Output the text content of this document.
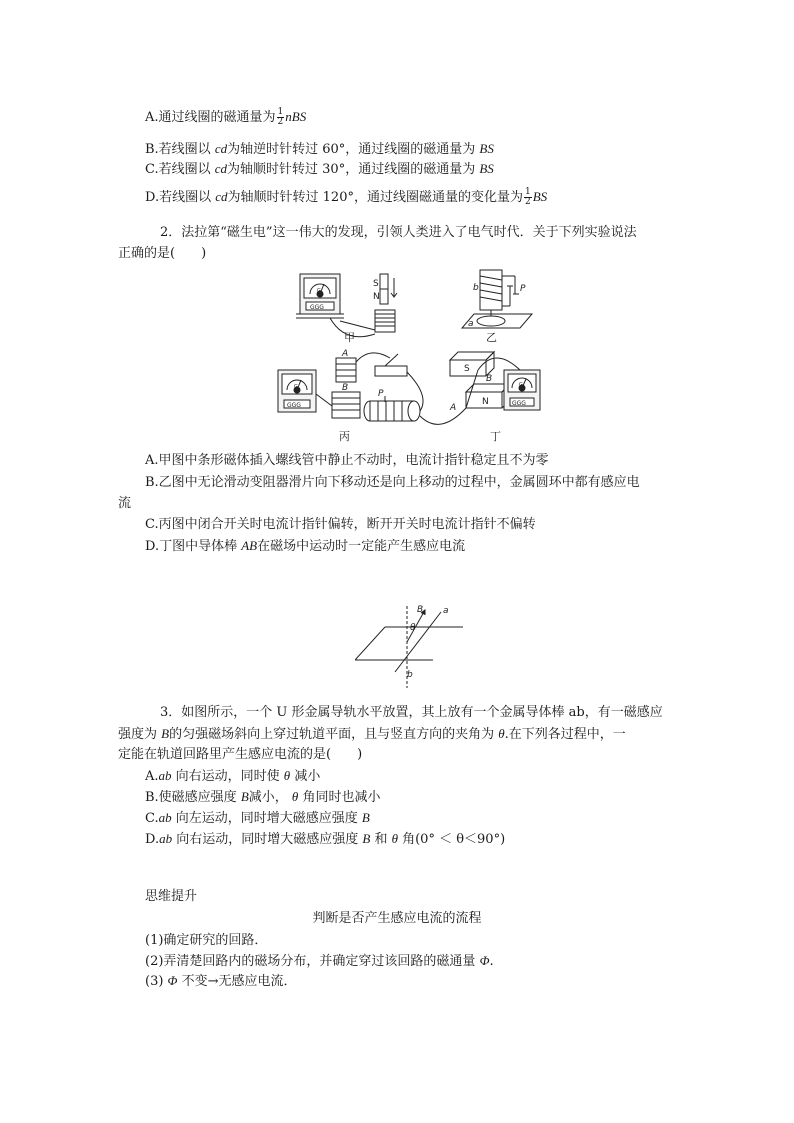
A.通过线圈的磁通量为 $\frac{1}{2}$ nBS
B.若线圈以 cd为轴逆时针转过 60°，通过线圈的磁通量为 BS
C.若线圈以 cd为轴顺时针转过 30°，通过线圈的磁通量为 BS
D.若线圈以 cd为轴顺时针转过 120°，通过线圈磁通量的变化量为 $\frac{1}{2}$ BS
2．法拉第“磁生电”这一伟大的发现，引领人类进入了电气时代．关于下列实验说法
正确的是(　　)
G
GGG
G
GGG
G
GGG
S
N
b	P
a
A
B
P
S
N
A
B
甲	乙
丙	丁
A.甲图中条形磁体插入螺线管中静止不动时，电流计指针稳定且不为零
B.乙图中无论滑动变阻器滑片向下移动还是向上移动的过程中，金属圆环中都有感应电
流
C.丙图中闭合开关时电流计指针偏转，断开开关时电流计指针不偏转
D.丁图中导体棒 AB在磁场中运动时一定能产生感应电流
B a
θ
b
3．如图所示，一个 U 形金属导轨水平放置，其上放有一个金属导体棒 ab，有一磁感应
强度为 B的匀强磁场斜向上穿过轨道平面，且与竖直方向的夹角为 θ.在下列各过程中，一
定能在轨道回路里产生感应电流的是(　　)
A.ab 向右运动，同时使 θ 减小
B.使磁感应强度 B减小， θ 角同时也减小
C.ab 向左运动，同时增大磁感应强度 B
D.ab 向右运动，同时增大磁感应强度 B 和 θ 角(0° ＜ θ＜90°)
思维提升
判断是否产生感应电流的流程
(1)确定研究的回路．
(2)弄清楚回路内的磁场分布，并确定穿过该回路的磁通量 Φ.
(3) Φ 不变→无感应电流．
